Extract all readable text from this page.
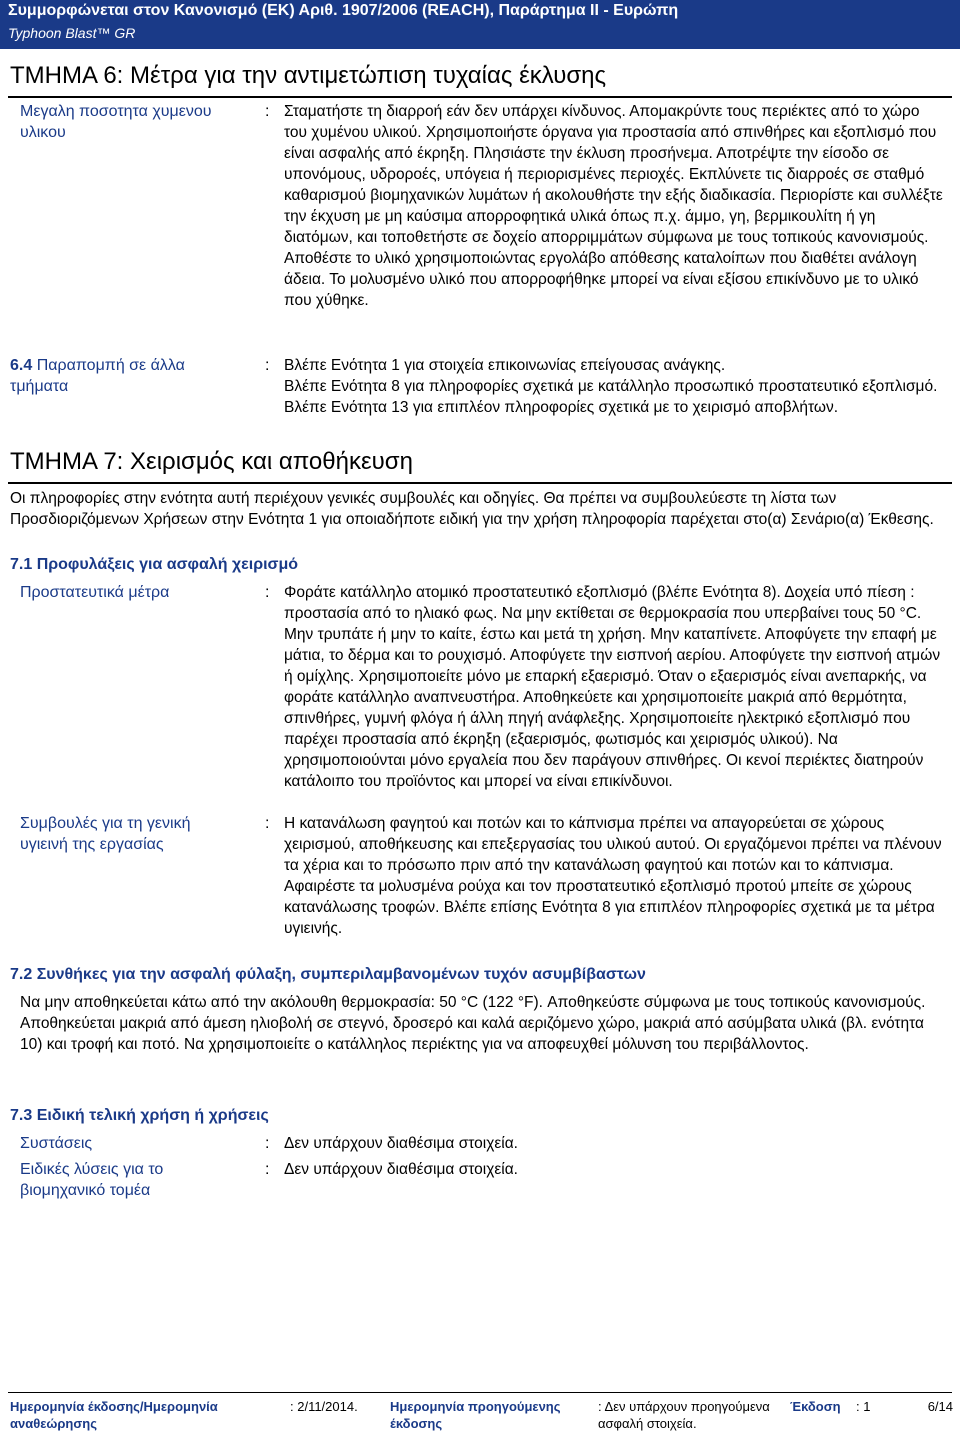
Συμμορφώνεται στον Κανονισμό (ΕΚ) Αριθ. 1907/2006 (REACH), Παράρτημα II - Ευρώπη
Typhoon Blast™ GR
ΤΜΗΜΑ 6: Μέτρα για την αντιμετώπιση τυχαίας έκλυσης
Μεγαλη ποσοτητα χυμενου υλικου
: Σταματήστε τη διαρροή εάν δεν υπάρχει κίνδυνος. Απομακρύντε τους περιέκτες από το χώρο του χυμένου υλικού. Χρησιμοποιήστε όργανα για προστασία από σπινθήρες και εξοπλισμό που είναι ασφαλής από έκρηξη. Πλησιάστε την έκλυση προσήνεμα. Αποτρέψτε την είσοδο σε υπονόμους, υδροροές, υπόγεια ή περιορισμένες περιοχές. Εκπλύνετε τις διαρροές σε σταθμό καθαρισμού βιομηχανικών λυμάτων ή ακολουθήστε την εξής διαδικασία. Περιορίστε και συλλέξτε την έκχυση με μη καύσιμα απορροφητικά υλικά όπως π.χ. άμμο, γη, βερμικουλίτη ή γη διατόμων, και τοποθετήστε σε δοχείο απορριμμάτων σύμφωνα με τους τοπικούς κανονισμούς. Αποθέστε το υλικό χρησιμοποιώντας εργολάβο απόθεσης καταλοίπων που διαθέτει ανάλογη άδεια. Το μολυσμένο υλικό που απορροφήθηκε μπορεί να είναι εξίσου επικίνδυνο με το υλικό που χύθηκε.
6.4 Παραπομπή σε άλλα τμήματα
: Βλέπε Ενότητα 1 για στοιχεία επικοινωνίας επείγουσας ανάγκης.
Βλέπε Ενότητα 8 για πληροφορίες σχετικά με κατάλληλο προσωπικό προστατευτικό εξοπλισμό.
Βλέπε Ενότητα 13 για επιπλέον πληροφορίες σχετικά με το χειρισμό αποβλήτων.
ΤΜΗΜΑ 7: Χειρισμός και αποθήκευση
Οι πληροφορίες στην ενότητα αυτή περιέχουν γενικές συμβουλές και οδηγίες. Θα πρέπει να συμβουλεύεστε τη λίστα των Προσδιοριζόμενων Χρήσεων στην Ενότητα 1 για οποιαδήποτε ειδική για την χρήση πληροφορία παρέχεται στο(α) Σενάριο(α) Έκθεσης.
7.1 Προφυλάξεις για ασφαλή χειρισμό
Προστατευτικά μέτρα	: Φοράτε κατάλληλο ατομικό προστατευτικό εξοπλισμό (βλέπε Ενότητα 8). Δοχεία υπό πίεση : προστασία από το ηλιακό φως. Να μην εκτίθεται σε θερμοκρασία που υπερβαίνει τους 50 °C. Μην τρυπάτε ή μην το καίτε, έστω και μετά τη χρήση. Μην καταπίνετε. Αποφύγετε την επαφή με μάτια, το δέρμα και το ρουχισμό. Αποφύγετε την εισπνοή αερίου. Αποφύγετε την εισπνοή ατμών ή ομίχλης. Χρησιμοποιείτε μόνο με επαρκή εξαερισμό. Όταν ο εξαερισμός είναι ανεπαρκής, να φοράτε κατάλληλο αναπνευστήρα. Αποθηκεύετε και χρησιμοποιείτε μακριά από θερμότητα, σπινθήρες, γυμνή φλόγα ή άλλη πηγή ανάφλεξης. Χρησιμοποιείτε ηλεκτρικό εξοπλισμό που παρέχει προστασία από έκρηξη (εξαερισμός, φωτισμός και χειρισμός υλικού). Να χρησιμοποιούνται μόνο εργαλεία που δεν παράγουν σπινθήρες. Οι κενοί περιέκτες διατηρούν κατάλοιπο του προϊόντος και μπορεί να είναι επικίνδυνοι.
Συμβουλές για τη γενική υγιεινή της εργασίας
: Η κατανάλωση φαγητού και ποτών και το κάπνισμα πρέπει να απαγορεύεται σε χώρους χειρισμού, αποθήκευσης και επεξεργασίας του υλικού αυτού. Οι εργαζόμενοι πρέπει να πλένουν τα χέρια και το πρόσωπο πριν από την κατανάλωση φαγητού και ποτών και το κάπνισμα. Αφαιρέστε τα μολυσμένα ρούχα και τον προστατευτικό εξοπλισμό προτού μπείτε σε χώρους κατανάλωσης τροφών. Βλέπε επίσης Ενότητα 8 για επιπλέον πληροφορίες σχετικά με τα μέτρα υγιεινής.
7.2 Συνθήκες για την ασφαλή φύλαξη, συμπεριλαμβανομένων τυχόν ασυμβίβαστων
Να μην αποθηκεύεται κάτω από την ακόλουθη θερμοκρασία: 50 °C (122 °F). Αποθηκεύστε σύμφωνα με τους τοπικούς κανονισμούς. Αποθηκεύεται μακριά από άμεση ηλιοβολή σε στεγνό, δροσερό και καλά αεριζόμενο χώρο, μακριά από ασύμβατα υλικά (βλ. ενότητα 10) και τροφή και ποτό. Να χρησιμοποιείτε ο κατάλληλος περιέκτης για να αποφευχθεί μόλυνση του περιβάλλοντος.
7.3 Ειδική τελική χρήση ή χρήσεις
Συστάσεις	: Δεν υπάρχουν διαθέσιμα στοιχεία.
Ειδικές λύσεις για το βιομηχανικό τομέα
: Δεν υπάρχουν διαθέσιμα στοιχεία.
Ημερομηνία έκδοσης/Ημερομηνία αναθεώρησης
: 2/11/2014.	Ημερομηνία προηγούμενης έκδοσης
: Δεν υπάρχουν προηγούμενα ασφαλή στοιχεία.
Έκδοση	: 1	6/14
